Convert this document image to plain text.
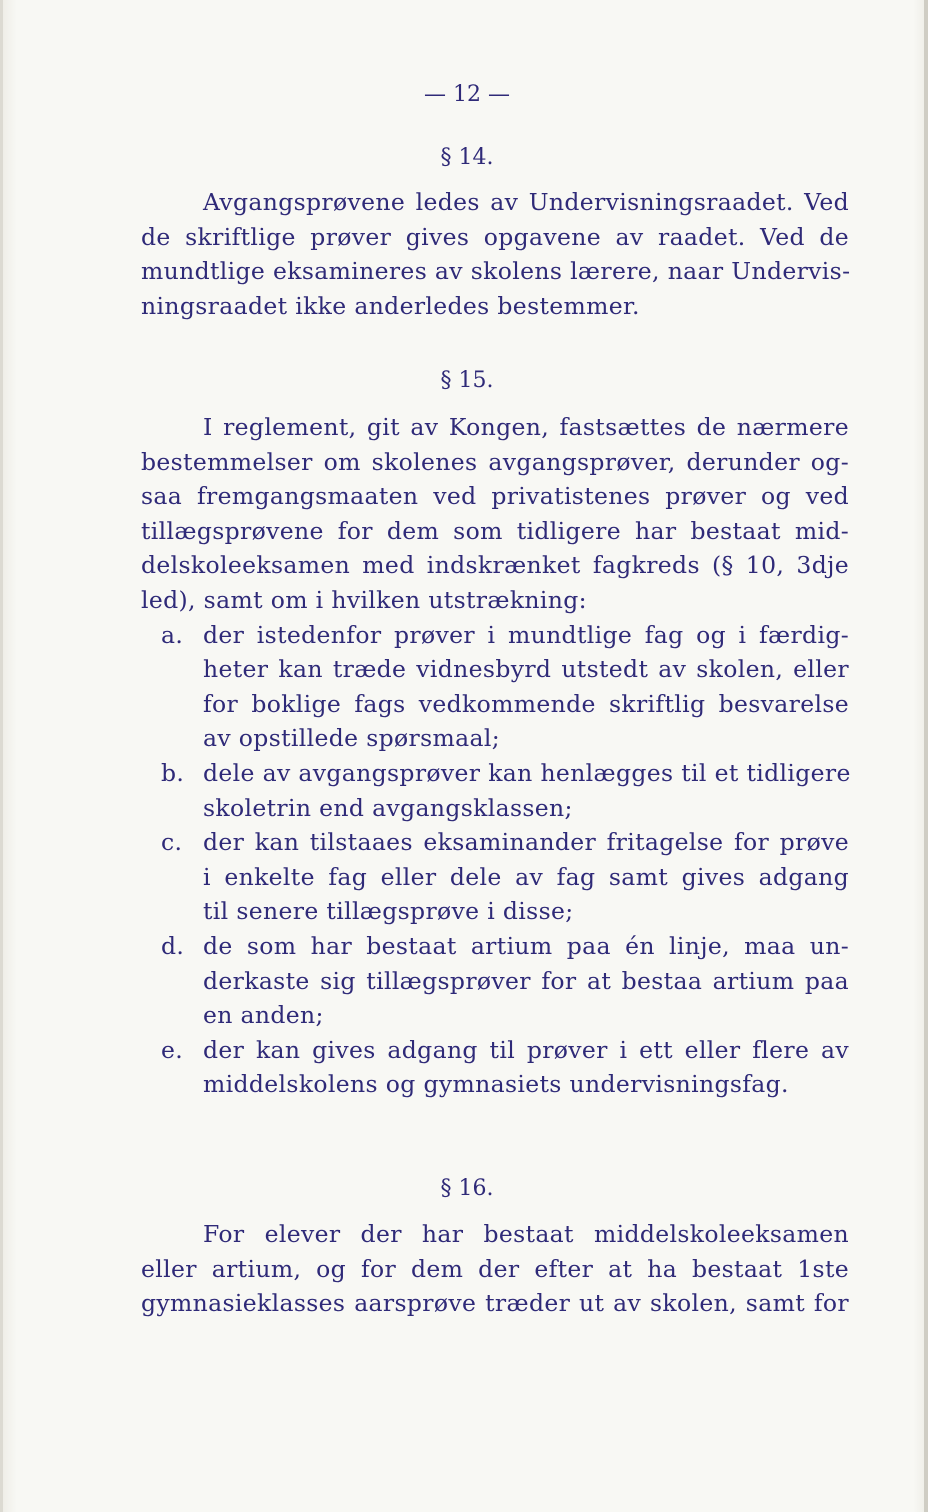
— 12 —
§ 14.
Avgangsprøvene ledes av Undervisningsraadet. Ved
de skriftlige prøver gives opgavene av raadet. Ved de
mundtlige eksamineres av skolens lærere, naar Undervis-
ningsraadet ikke anderledes bestemmer.
§ 15.
I reglement, git av Kongen, fastsættes de nærmere
bestemmelser om skolenes avgangsprøver, derunder og-
saa fremgangsmaaten ved privatistenes prøver og ved
tillægsprøvene for dem som tidligere har bestaat mid-
delskoleeksamen med indskrænket fagkreds (§ 10, 3dje
led), samt om i hvilken utstrækning:
a. der istedenfor prøver i mundtlige fag og i færdig-
heter kan træde vidnesbyrd utstedt av skolen, eller
for boklige fags vedkommende skriftlig besvarelse
av opstillede spørsmaal;
b. dele av avgangsprøver kan henlægges til et tidligere
skoletrin end avgangsklassen;
c. der kan tilstaaes eksaminander fritagelse for prøve
i enkelte fag eller dele av fag samt gives adgang
til senere tillægsprøve i disse;
d. de som har bestaat artium paa én linje, maa un-
derkaste sig tillægsprøver for at bestaa artium paa
en anden;
e. der kan gives adgang til prøver i ett eller flere av
middelskolens og gymnasiets undervisningsfag.
§ 16.
For elever der har bestaat middelskoleeksamen
eller artium, og for dem der efter at ha bestaat 1ste
gymnasieklasses aarsprøve træder ut av skolen, samt for
